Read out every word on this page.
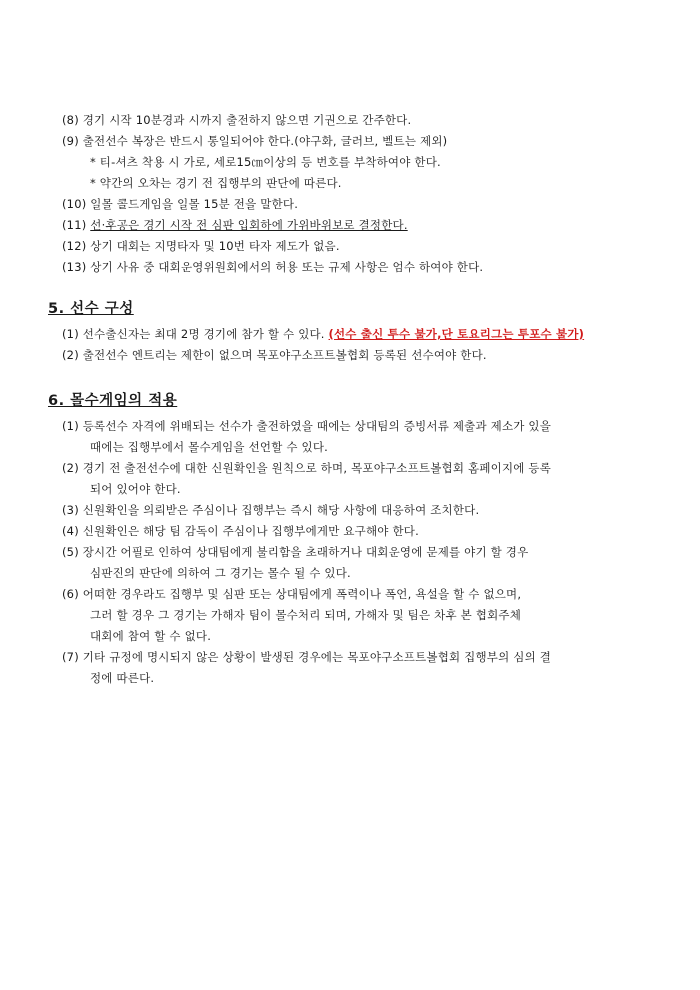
(8) 경기 시작 10분경과 시까지 출전하지 않으면 기권으로 간주한다.
(9) 출전선수 복장은 반드시 통일되어야 한다.(야구화, 글러브, 벨트는 제외)
* 티-셔츠 착용 시 가로, 세로15㎝이상의 등 번호를 부착하여야 한다.
* 약간의 오차는 경기 전 집행부의 판단에 따른다.
(10) 일몰 콜드게임을 일몰 15분 전을 말한다.
(11) 선·후공은 경기 시작 전 심판 입회하에 가위바위보로 결정한다.
(12) 상기 대회는 지명타자 및 10번 타자 제도가 없음.
(13) 상기 사유 중 대회운영위원회에서의 허용 또는 규제 사항은 엄수 하여야 한다.
5. 선수 구성
(1) 선수출신자는 최대 2명 경기에 참가 할 수 있다. (선수 출신 투수 불가,단 토요리그는 투포수 불가)
(2) 출전선수 엔트리는 제한이 없으며 목포야구소프트볼협회 등록된 선수여야 한다.
6. 몰수게임의 적용
(1) 등록선수 자격에 위배되는 선수가 출전하였을 때에는 상대팀의 증빙서류 제출과 제소가 있을
때에는 집행부에서 몰수게임을 선언할 수 있다.
(2) 경기 전 출전선수에 대한 신원확인을 원칙으로 하며, 목포야구소프트볼협회 홈페이지에 등록
되어 있어야 한다.
(3) 신원확인을 의뢰받은 주심이나 집행부는 즉시 해당 사항에 대응하여 조치한다.
(4) 신원확인은 해당 팀 감독이 주심이나 집행부에게만 요구해야 한다.
(5) 장시간 어필로 인하여 상대팀에게 불리함을 초래하거나 대회운영에 문제를 야기 할 경우
심판진의 판단에 의하여 그 경기는 몰수 될 수 있다.
(6) 어떠한 경우라도 집행부 및 심판 또는 상대팀에게 폭력이나 폭언, 욕설을 할 수 없으며,
그러 할 경우 그 경기는 가해자 팀이 몰수처리 되며, 가해자 및 팀은 차후 본 협회주체
대회에 참여 할 수 없다.
(7) 기타 규정에 명시되지 않은 상황이 발생된 경우에는 목포야구소프트볼협회 집행부의 심의 결
정에 따른다.
